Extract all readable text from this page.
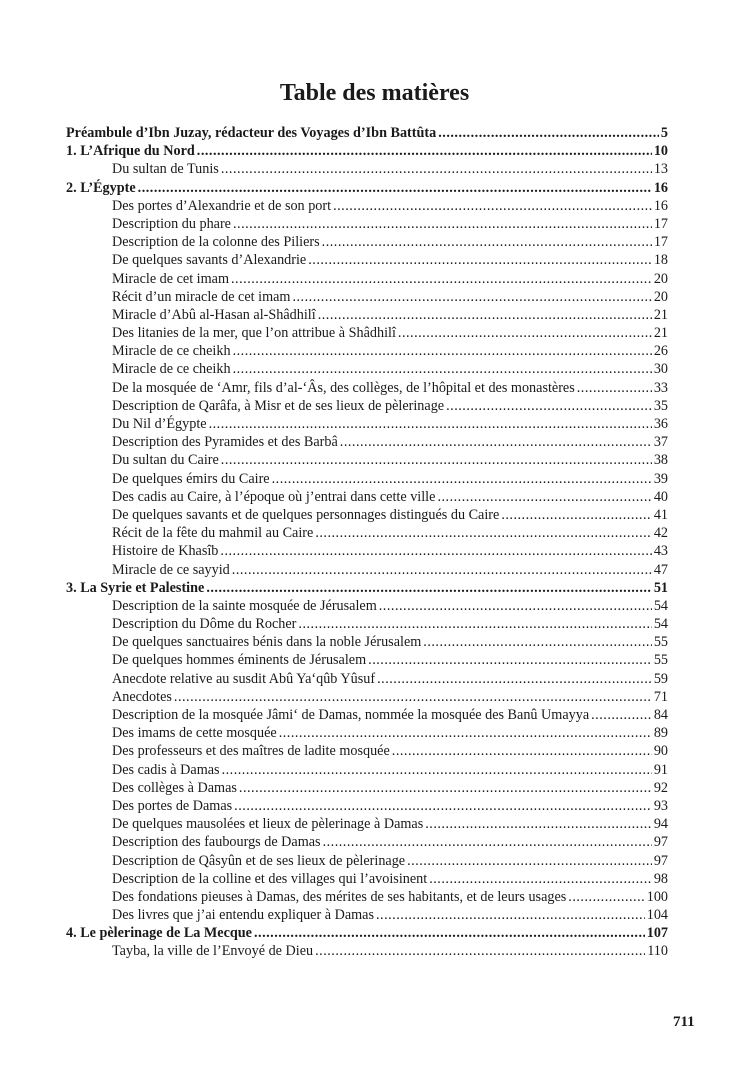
Table des matières
Préambule d’Ibn Juzay, rédacteur des Voyages d’Ibn Battûta .....	5
1. L’Afrique du Nord .....	10
Du sultan de Tunis .....	13
2. L’Égypte .....	16
Des portes d’Alexandrie et de son port .....	16
Description du phare .....	17
Description de la colonne des Piliers .....	17
De quelques savants d’Alexandrie .....	18
Miracle de cet imam .....	20
Récit d’un miracle de cet imam .....	20
Miracle d’Abû al-Hasan al-Shâdhilî .....	21
Des litanies de la mer, que l’on attribue à Shâdhilî .....	21
Miracle de ce cheikh .....	26
Miracle de ce cheikh .....	30
De la mosquée de ‘Amr, fils d’al-‘Âs, des collèges, de l’hôpital et des monastères .....	33
Description de Qarâfa, à Misr et de ses lieux de pèlerinage .....	35
Du Nil d’Égypte .....	36
Description des Pyramides et des Barbâ .....	37
Du sultan du Caire .....	38
De quelques émirs du Caire .....	39
Des cadis au Caire, à l’époque où j’entrai dans cette ville .....	40
De quelques savants et de quelques personnages distingués du Caire .....	41
Récit de la fête du mahmil au Caire .....	42
Histoire de Khasîb .....	43
Miracle de ce sayyid .....	47
3. La Syrie et Palestine .....	51
Description de la sainte mosquée de Jérusalem .....	54
Description du Dôme du Rocher .....	54
De quelques sanctuaires bénis dans la noble Jérusalem .....	55
De quelques hommes éminents de Jérusalem .....	55
Anecdote relative au susdit Abû Ya‘qûb Yûsuf .....	59
Anecdotes .....	71
Description de la mosquée Jâmi‘ de Damas, nommée la mosquée des Banû Umayya .....	84
Des imams de cette mosquée .....	89
Des professeurs et des maîtres de ladite mosquée .....	90
Des cadis à Damas .....	91
Des collèges à Damas .....	92
Des portes de Damas .....	93
De quelques mausolées et lieux de pèlerinage à Damas .....	94
Description des faubourgs de Damas .....	97
Description de Qâsyûn et de ses lieux de pèlerinage .....	97
Description de la colline et des villages qui l’avoisinent .....	98
Des fondations pieuses à Damas, des mérites de ses habitants, et de leurs usages .....	100
Des livres que j’ai entendu expliquer à Damas .....	104
4. Le pèlerinage de La Mecque .....	107
Tayba, la ville de l’Envoyé de Dieu .....	110
711
